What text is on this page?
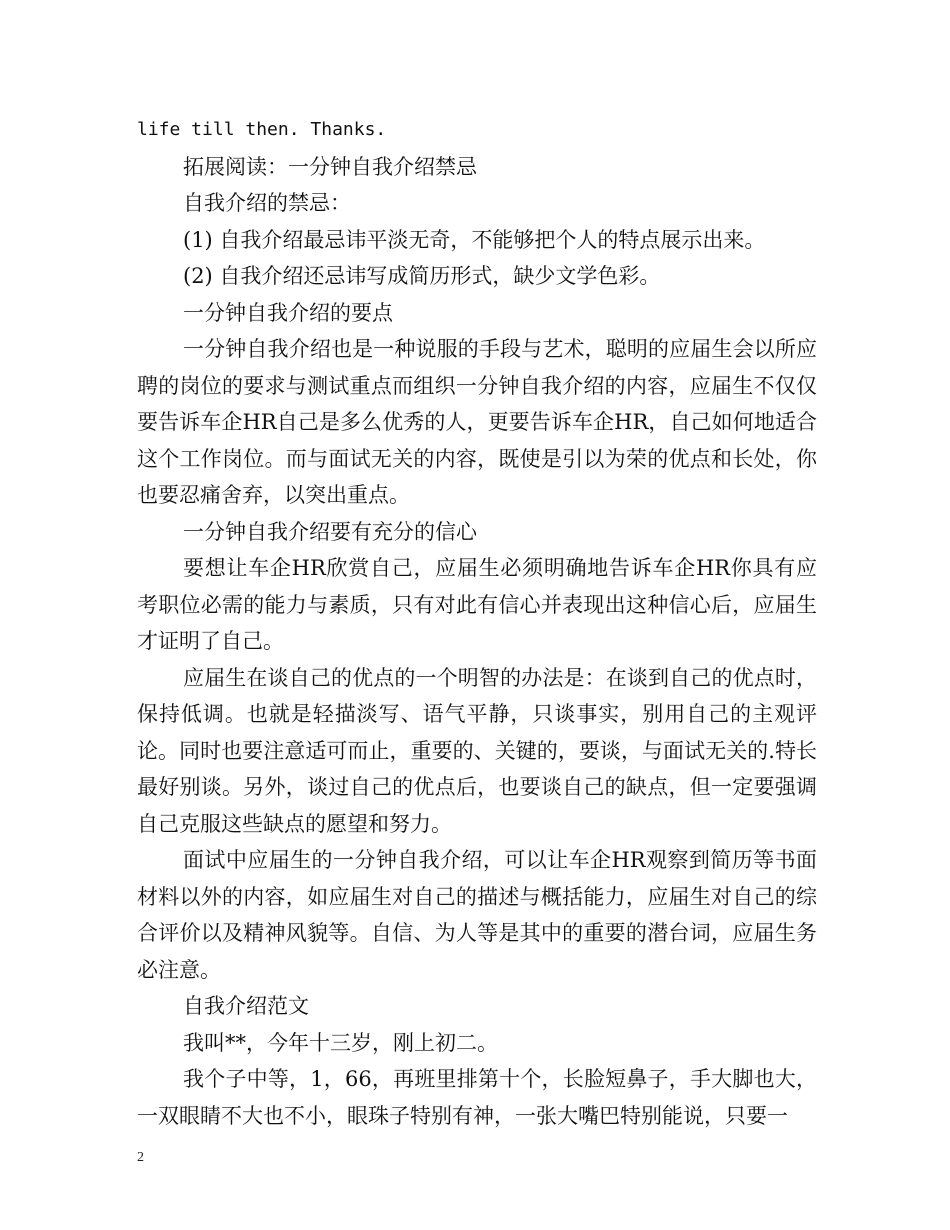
life till then. Thanks.

拓展阅读：一分钟自我介绍禁忌

自我介绍的禁忌：

(1) 自我介绍最忌讳平淡无奇，不能够把个人的特点展示出来。

(2) 自我介绍还忌讳写成简历形式，缺少文学色彩。

一分钟自我介绍的要点

一分钟自我介绍也是一种说服的手段与艺术，聪明的应届生会以所应聘的岗位的要求与测试重点而组织一分钟自我介绍的内容，应届生不仅仅要告诉车企HR自己是多么优秀的人，更要告诉车企HR，自己如何地适合这个工作岗位。而与面试无关的内容，既使是引以为荣的优点和长处，你也要忍痛舍弃，以突出重点。

一分钟自我介绍要有充分的信心

要想让车企HR欣赏自己，应届生必须明确地告诉车企HR你具有应考职位必需的能力与素质，只有对此有信心并表现出这种信心后，应届生才证明了自己。

应届生在谈自己的优点的一个明智的办法是：在谈到自己的优点时，保持低调。也就是轻描淡写、语气平静，只谈事实，别用自己的主观评论。同时也要注意适可而止，重要的、关键的，要谈，与面试无关的.特长最好别谈。另外，谈过自己的优点后，也要谈自己的缺点，但一定要强调自己克服这些缺点的愿望和努力。

面试中应届生的一分钟自我介绍，可以让车企HR观察到简历等书面材料以外的内容，如应届生对自己的描述与概括能力，应届生对自己的综合评价以及精神风貌等。自信、为人等是其中的重要的潜台词，应届生务必注意。

自我介绍范文

我叫**，今年十三岁，刚上初二。

我个子中等，1，66，再班里排第十个，长脸短鼻子，手大脚也大，一双眼睛不大也不小，眼珠子特别有神，一张大嘴巴特别能说，只要一

2
